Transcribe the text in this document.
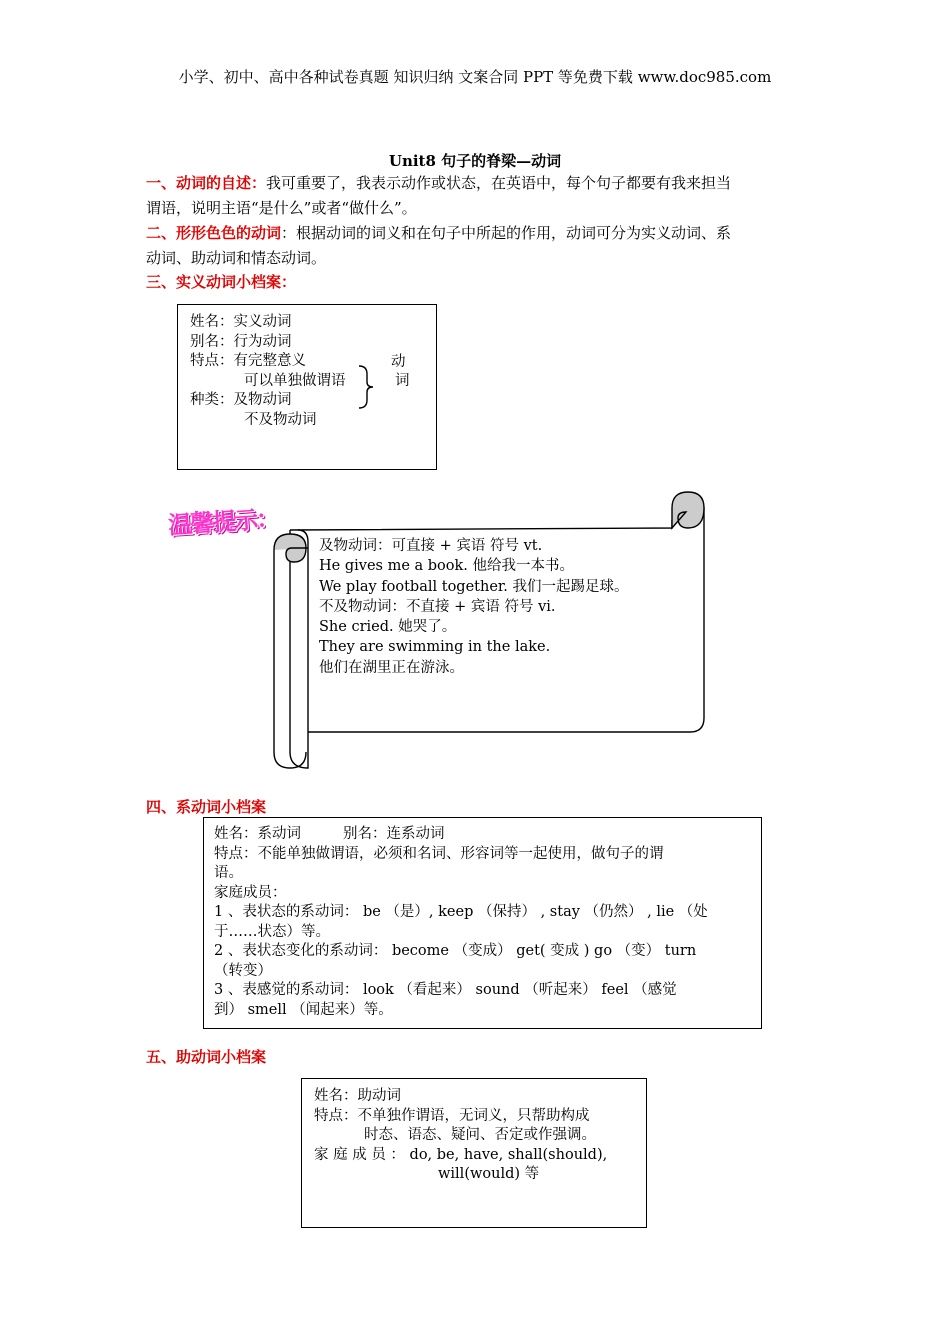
小学、初中、高中各种试卷真题 知识归纳 文案合同 PPT 等免费下载 www.doc985.com
Unit8 句子的脊梁—动词
一、动词的自述：我可重要了，我表示动作或状态，在英语中，每个句子都要有我来担当
谓语，说明主语“是什么”或者“做什么”。
二、形形色色的动词：根据动词的词义和在句子中所起的作用，动词可分为实义动词、系
动词、助动词和情态动词。
三、实义动词小档案：
姓名：实义动词
别名：行为动词
特点：有完整意义
可以单独做谓语
种类：及物动词
不及物动词
动
词
温馨提示：
及物动词：可直接 + 宾语 符号 vt.
He gives me a book. 他给我一本书。
We play football together. 我们一起踢足球。
不及物动词：不直接 + 宾语 符号 vi.
She cried. 她哭了。
They are swimming in the lake.
他们在湖里正在游泳。
四、系动词小档案
姓名：系动词	别名：连系动词
特点：不能单独做谓语，必须和名词、形容词等一起使用，做句子的谓
语。
家庭成员：
1 、表状态的系动词： be （是）, keep （保持） , stay （仍然） , lie （处
于……状态）等。
2 、表状态变化的系动词： become （变成） get( 变成 ) go （变） turn
（转变）
3 、表感觉的系动词： look （看起来） sound （听起来） feel （感觉
到） smell （闻起来）等。
五、助动词小档案
姓名：助动词
特点：不单独作谓语，无词义，只帮助构成
时态、语态、疑问、否定或作强调。
家 庭 成 员 ： do, be, have, shall(should),
will(would) 等
